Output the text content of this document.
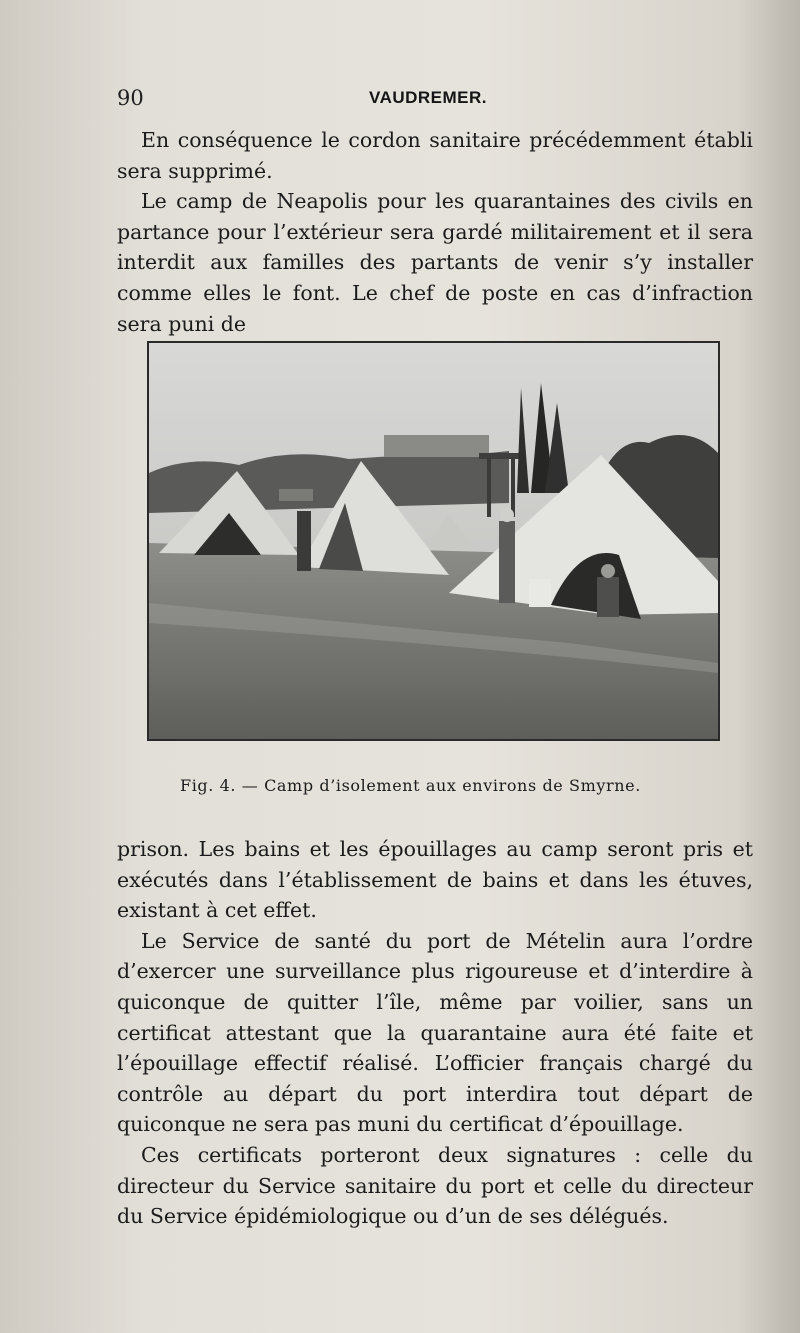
90	VAUDREMER.

En conséquence le cordon sanitaire précédemment établi sera supprimé.

Le camp de Neapolis pour les quarantaines des civils en partance pour l’extérieur sera gardé militairement et il sera interdit aux familles des partants de venir s’y installer comme elles le font. Le chef de poste en cas d’infraction sera puni de

Fig. 4. — Camp d’isolement aux environs de Smyrne.

prison. Les bains et les épouillages au camp seront pris et exécutés dans l’établissement de bains et dans les étuves, existant à cet effet.

Le Service de santé du port de Mételin aura l’ordre d’exercer une surveillance plus rigoureuse et d’interdire à quiconque de quitter l’île, même par voilier, sans un certificat attestant que la quarantaine aura été faite et l’épouillage effectif réalisé. L’officier français chargé du contrôle au départ du port interdira tout départ de quiconque ne sera pas muni du certificat d’épouillage.

Ces certificats porteront deux signatures : celle du directeur du Service sanitaire du port et celle du directeur du Service épidémiologique ou d’un de ses délégués.
